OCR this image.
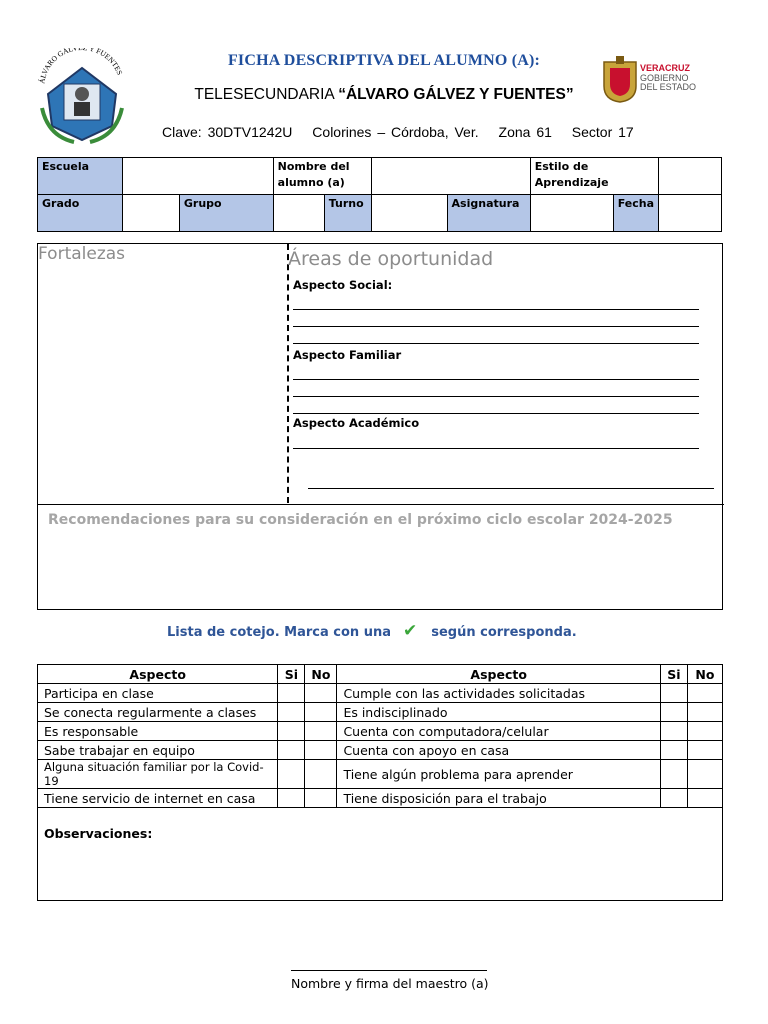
ÁLVARO GÁLV Y FUENTES
FICHA DESCRIPTIVA DEL ALUMNO (A):
TELESECUNDARIA “ÁLVARO GÁLVEZ Y FUENTES”
Clave: 30DTV1242U Colorines – Córdoba, Ver. Zona 61 Sector 17
VERACRUZ
GOBIERNO
DEL ESTADO
Escuela			Nombre del alumno (a)				Estilo de Aprendizaje		
Grado		Grupo		Turno		Asignatura		Fecha	
Fortalezas	Áreas de oportunidad
Aspecto Social:
Aspecto Familiar
Aspecto Académico
Recomendaciones para su consideración en el próximo ciclo escolar 2024-2025
Lista de cotejo. Marca con una ✔ según corresponda.
Aspecto	Si	No	Aspecto	Si	No
Participa en clase			Cumple con las actividades solicitadas		
Se conecta regularmente a clases			Es indisciplinado		
Es responsable			Cuenta con computadora/celular		
Sabe trabajar en equipo			Cuenta con apoyo en casa		
Alguna situación familiar por la Covid-19			Tiene algún problema para aprender		
Tiene servicio de internet en casa			Tiene disposición para el trabajo		
Observaciones:					
Nombre y firma del maestro (a)
